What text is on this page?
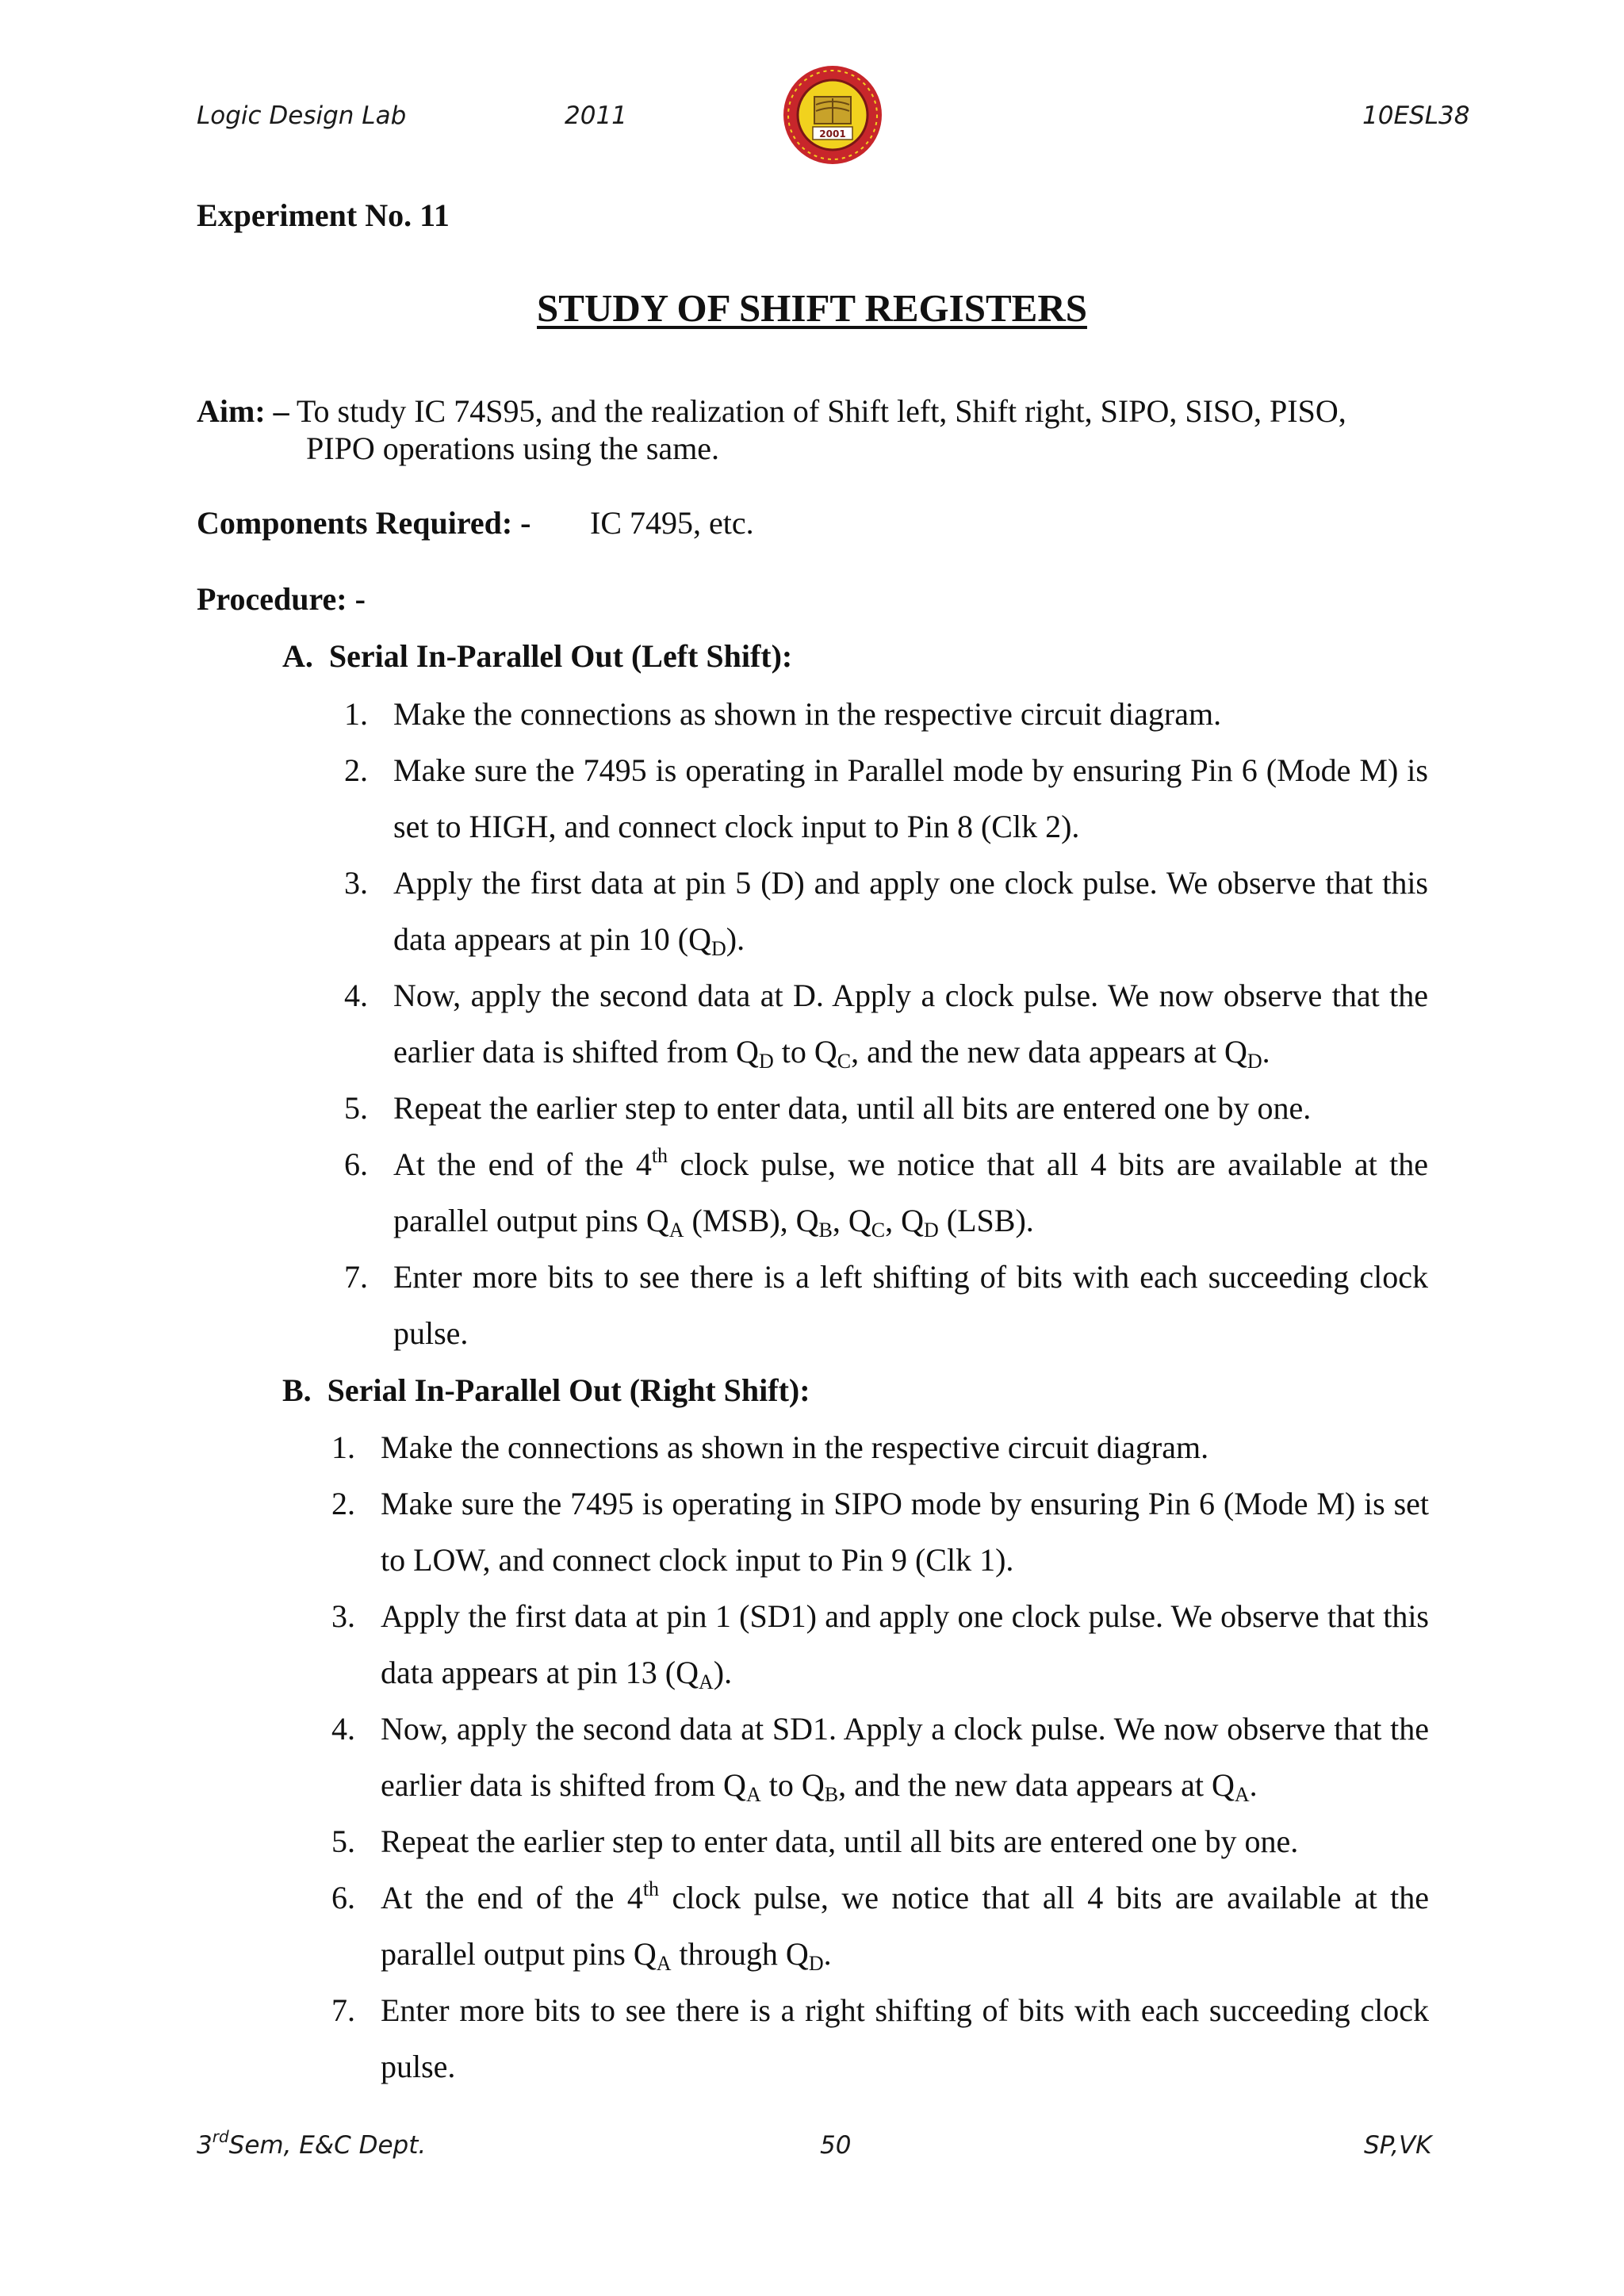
Logic Design Lab	2011	10ESL38
2001
Experiment No. 11
STUDY OF SHIFT REGISTERS
Aim: – To study IC 74S95, and the realization of Shift left, Shift right, SIPO, SISO, PISO,
PIPO operations using the same.
Components Required: - IC 7495, etc.
Procedure: -
A.  Serial In-Parallel Out (Left Shift):
1. Make the connections as shown in the respective circuit diagram.
2. Make sure the 7495 is operating in Parallel mode by ensuring Pin 6 (Mode M) is set to HIGH, and connect clock input to Pin 8 (Clk 2).
3. Apply the first data at pin 5 (D) and apply one clock pulse. We observe that this data appears at pin 10 $(Q_D)$.
4. Now, apply the second data at D. Apply a clock pulse. We now observe that the earlier data is shifted from $Q_D$ to $Q_C$, and the new data appears at $Q_D$.
5. Repeat the earlier step to enter data, until all bits are entered one by one.
6. At the end of the 4th clock pulse, we notice that all 4 bits are available at the parallel output pins $Q_A$ (MSB), $Q_B$, $Q_C$, $Q_D$ (LSB).
7. Enter more bits to see there is a left shifting of bits with each succeeding clock pulse.
B.  Serial In-Parallel Out (Right Shift):
1. Make the connections as shown in the respective circuit diagram.
2. Make sure the 7495 is operating in SIPO mode by ensuring Pin 6 (Mode M) is set to LOW, and connect clock input to Pin 9 (Clk 1).
3. Apply the first data at pin 1 (SD1) and apply one clock pulse. We observe that this data appears at pin 13 $(Q_A)$.
4. Now, apply the second data at SD1. Apply a clock pulse. We now observe that the earlier data is shifted from $Q_A$ to $Q_B$, and the new data appears at $Q_A$.
5. Repeat the earlier step to enter data, until all bits are entered one by one.
6. At the end of the 4th clock pulse, we notice that all 4 bits are available at the parallel output pins $Q_A$ through $Q_D$.
7. Enter more bits to see there is a right shifting of bits with each succeeding clock pulse.
3rdSem, E&C Dept.	50	SP,VK
